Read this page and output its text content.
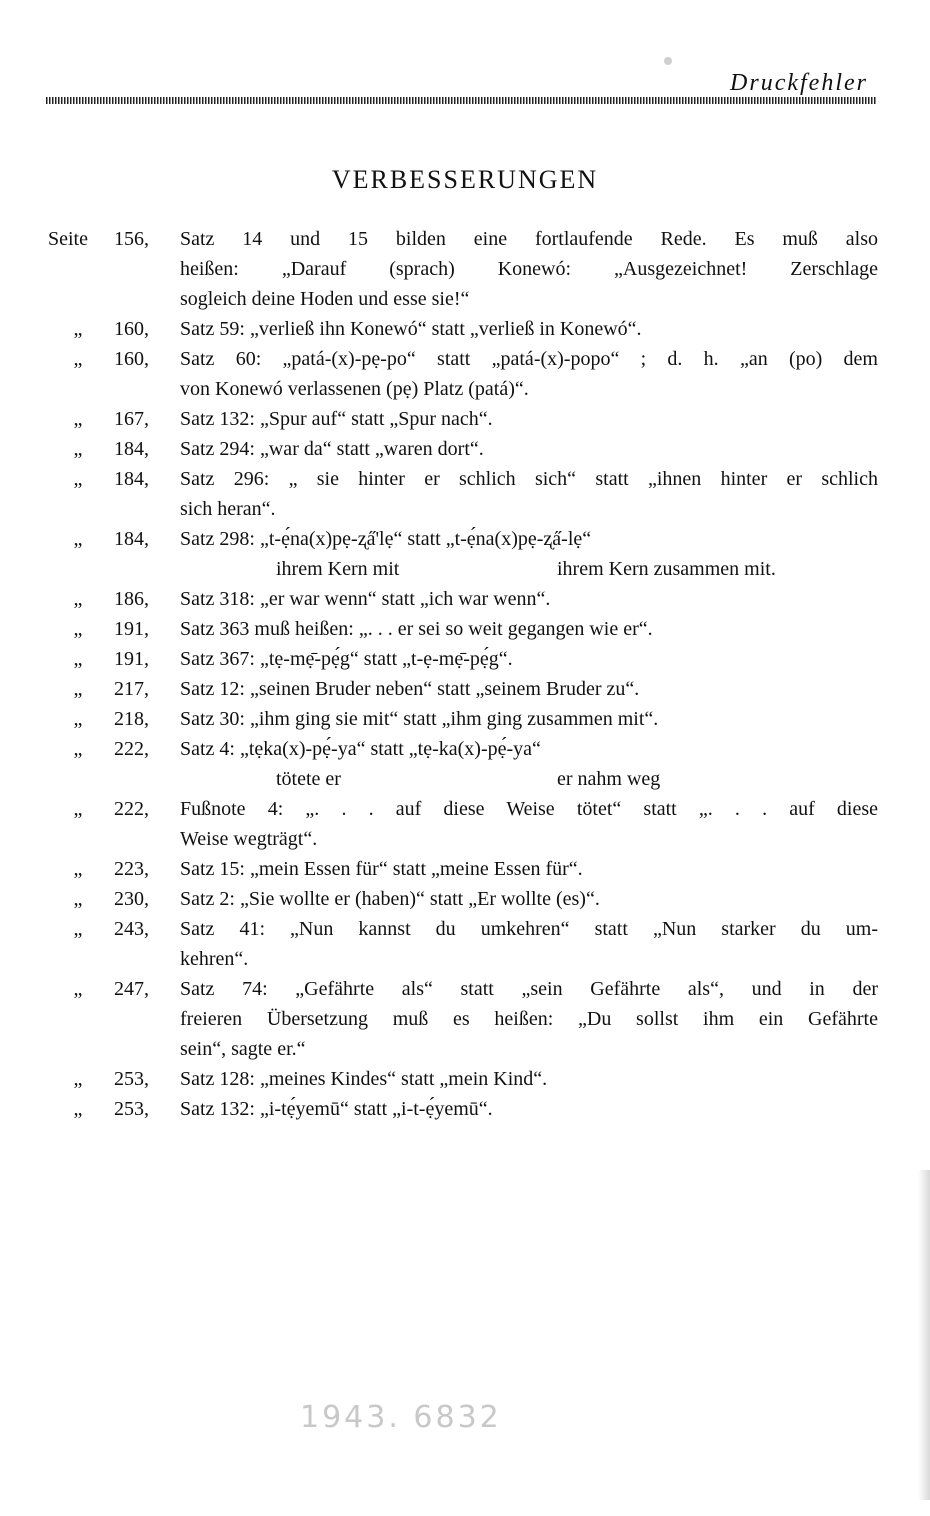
Druckfehler
VERBESSERUNGEN
Seite	156,	Satz 14 und 15 bilden eine fortlaufende Rede. Es muß also
heißen: „Darauf (sprach) Konewó: „Ausgezeichnet! Zerschlage
sogleich deine Hoden und esse sie!“
„	160,	Satz 59: „verließ ihn Konewó“ statt „verließ in Konewó“.
„	160,	Satz 60: „patá-(x)-pẹ-po“ statt „patá-(x)-popo“ ; d. h. „an (po) dem
von Konewó verlassenen (pẹ) Platz (patá)“.
„	167,	Satz 132: „Spur auf“ statt „Spur nach“.
„	184,	Satz 294: „war da“ statt „waren dort“.
„	184,	Satz 296: „ sie hinter er schlich sich“ statt „ihnen hinter er schlich
sich heran“.
„	184,	Satz 298: „t-ẹ́na(x)pẹ-ʐa̋'lẹ“ statt „t-ẹ́na(x)pẹ-ʐa̋-lẹ“
ihrem Kern mit	ihrem Kern zusammen mit.
„	186,	Satz 318: „er war wenn“ statt „ich war wenn“.
„	191,	Satz 363 muß heißen: „. . . er sei so weit gegangen wie er“.
„	191,	Satz 367: „tẹ-mẹ̄-pẹ́g“ statt „t-ẹ-mẹ̄-pẹ́g“.
„	217,	Satz 12: „seinen Bruder neben“ statt „seinem Bruder zu“.
„	218,	Satz 30: „ihm ging sie mit“ statt „ihm ging zusammen mit“.
„	222,	Satz 4: „tẹka(x)-pẹ́-ya“ statt „tẹ-ka(x)-pẹ́-ya“
tötete er	er nahm weg
„	222,	Fußnote 4: „. . . auf diese Weise tötet“ statt „. . . auf diese
Weise wegträgt“.
„	223,	Satz 15: „mein Essen für“ statt „meine Essen für“.
„	230,	Satz 2: „Sie wollte er (haben)“ statt „Er wollte (es)“.
„	243,	Satz 41: „Nun kannst du umkehren“ statt „Nun starker du um-
kehren“.
„	247,	Satz 74: „Gefährte als“ statt „sein Gefährte als“, und in der
freieren Übersetzung muß es heißen: „Du sollst ihm ein Gefährte
sein“, sagte er.“
„	253,	Satz 128: „meines Kindes“ statt „mein Kind“.
„	253,	Satz 132: „i-tẹ́yemū“ statt „i-t-ẹ́yemū“.
1943. 6832
